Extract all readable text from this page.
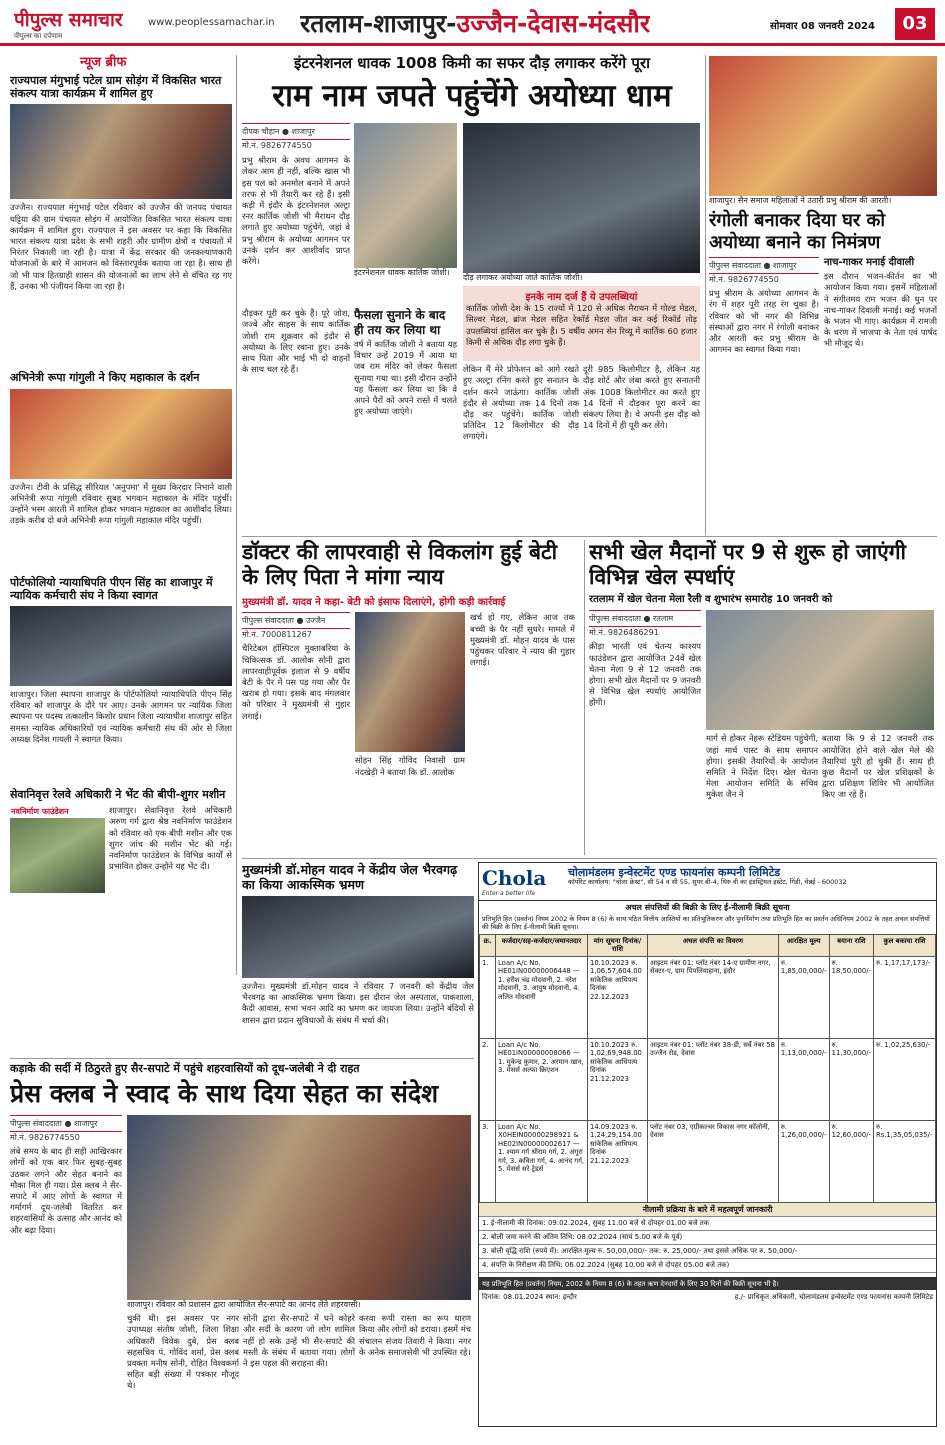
पीपुल्स समाचार
पीपुल्स का दर्पणाम
www.peoplessamachar.in रतलाम-शाजापुर-उज्जैन-देवास-मंदसौर	सोमवार 08 जनवरी 2024	03
न्यूज ब्रीफ
राज्यपाल मंगुभाई पटेल ग्राम सोड़ंग में विकसित भारत संकल्प यात्रा कार्यक्रम में शामिल हुए
उज्जैन। राज्यपाल मंगुभाई पटेल रविवार को उज्जैन की जनपद पंचायत घट्टिया की ग्राम पंचायत सोड़ंग में आयोजित विकसित भारत संकल्प यात्रा कार्यक्रम में शामिल हुए। राज्यपाल ने इस अवसर पर कहा कि विकसित भारत संकल्प यात्रा प्रदेश के सभी शहरी और ग्रामीण क्षेत्रों व पंचायतों में निरंतर निकाली जा रही है। यात्रा में केंद्र सरकार की जनकल्याणकारी योजनाओं के बारे में आमजन को विस्तारपूर्वक बताया जा रहा है। साथ ही जो भी पात्र हितग्राही शासन की योजनाओं का लाभ लेने से वंचित रह गए हैं, उनका भी पंजीयन किया जा रहा है।
अभिनेत्री रूपा गांगुली ने किए महाकाल के दर्शन
उज्जैन। टीवी के प्रसिद्ध सीरियल 'अनुपमा' में मुख्य किरदार निभाने वाली अभिनेत्री रूपा गांगुली रविवार सुबह भगवान महाकाल के मंदिर पहुंचीं। उन्होंने भस्म आरती में शामिल होकर भगवान महाकाल का आशीर्वाद लिया। तड़के करीब दो बजे अभिनेत्री रूपा गांगुली महाकाल मंदिर पहुंचीं।
पोर्टफोलियो न्यायाधिपति पीएन सिंह का शाजापुर में न्यायिक कर्मचारी संघ ने किया स्वागत
शाजापुर। जिला स्थापना शाजापुर के पोर्टफोलियो न्यायाधिपति पीएन सिंह रविवार को शाजापुर के दौरे पर आए। उनके आगमन पर न्यायिक जिला स्थापना पर पदस्थ तत्कालीन किशोर प्रधान जिला न्यायाधीश शाजापुर सहित समस्त न्यायिक अधिकारियों एवं न्यायिक कर्मचारी संघ की ओर से जिला अध्यक्ष दिनेश गायली ने स्वागत किया।
सेवानिवृत्त रेलवे अधिकारी ने भेंट की बीपी-शुगर मशीन
नवनिर्माण फाउंडेशन	शाजापुर। सेवानिवृत्त रेलवे अधिकारी अरुण गर्ग द्वारा श्रेष्ठ नवनिर्माण फाउंडेशन को रविवार को एक बीपी मशीन और एक शुगर जांच की मशीन भेंट की गई। नवनिर्माण फाउंडेशन के विभिन्न कार्यों से प्रभावित होकर उन्होंने यह भेंट दी।
इंटरनेशनल धावक 1008 किमी का सफर दौड़ लगाकर करेंगे पूरा
राम नाम जपते पहुंचेंगे अयोध्या धाम
दीपक चौहान ● शाजापुर
मो.नं. 9826774550
प्रभु श्रीराम के अवध आगमन के लेकर आम ही नहीं, बल्कि खास भी इस पल को अनमोल बनाने में अपने तरफ से भी तैयारी कर रहे हैं। इसी कड़ी में इंदौर के इंटरनेशनल अल्ट्रा रनर कार्तिक जोशी भी मैराथन दौड़ लगाते हुए अयोध्या पहुंचेंगे, जहां वे प्रभु श्रीराम के अयोध्या आगमन पर उनके दर्शन कर आशीर्वाद प्राप्त करेंगे।
इंटरनेशनल धावक कार्तिक जोशी।
दौड़कर पूरी कर चुके हैं। पूरे जोश, जज्बे और साहस के साथ कार्तिक जोशी राम शुक्रवार को इंदौर से अयोध्या के लिए रवाना हुए। उनके साथ पिता और भाई भी दो वाहनों के साथ चल रहे हैं।
फैसला सुनाने के बाद ही तय कर लिया था
वर्ष में कार्तिक जोशी ने बताया यह विचार उन्हें 2019 में आया था जब राम मंदिर को लेकर फैसला सुनाया गया था। इसी दौरान उन्होंने यह फैसला कर लिया था कि वे अपने पैरों को अपने रास्ते में चलते हुए अयोध्या जाएंगे।
दौड़ लगाकर अयोध्या जाते कार्तिक जोशी।
इनके नाम दर्ज हैं ये उपलब्धियां
कार्तिक जोशी देश के 15 राज्यों में 120 से अधिक मैराथन में गोल्ड मेडल, सिल्वर मेडल, ब्रांज मेडल सहित रेकॉर्ड मेडल जीत कर कई रिकॉर्ड तोड़ उपलब्धियां हासिल कर चुके हैं। 5 वर्षीय अमन सेन रिव्यू में कार्तिक 60 हजार किमी से अधिक दौड़ लगा चुके हैं।
लेकिन मैं मेरे प्रोफेशन को आगे रखते हुए अल्ट्रा रनिंग करते हुए सनातन के दर्शन करने जाऊंगा। कार्तिक जोशी इंदौर से अयोध्या तक 14 दिनों तक दौड़ कर पहुंचेंगे। कार्तिक जोशी प्रतिदिन 12 किलोमीटर की दौड़ लगाएंगे।
दूरी 985 किलोमीटर है, लेकिन यह दौड़ शोर्ट और लंबा करते हुए सनातनी अंक 1008 किलोमीटर का करते हुए 14 दिनों में दौड़कर पूरा करने का संकल्प लिया है। वे अपनी इस दौड़ को 14 दिनों में ही पूरी कर लेंगे।
शाजापुर। सैन समाज महिलाओं ने उतारी प्रभु श्रीराम की आरती।
रंगोली बनाकर दिया घर को अयोध्या बनाने का निमंत्रण
पीपुल्स संवाददाता ● शाजापुर
मो.नं. 9826774550
प्रभु श्रीराम के अयोध्या आगमन के रंग में शहर पूरी तरह रंग चुका है। रविवार को भी नगर की विभिन्न संस्थाओं द्वारा नगर में रंगोली बनाकर और आरती कर प्रभु श्रीराम के आगमन का स्वागत किया गया।
नाच-गाकर मनाई दीवाली
इस दौरान भजन-कीर्तन का भी आयोजन किया गया। इसमें महिलाओं ने संगीतमय राम भजन की धुन पर नाच-गाकर दिवाली मनाई। कई भजनों के भजन भी गाए। कार्यक्रम में रामजी के चरण में भाजपा के नेता एवं पार्षद भी मौजूद थे।
डॉक्टर की लापरवाही से विकलांग हुई बेटी के लिए पिता ने मांगा न्याय
मुख्यमंत्री डॉ. यादव ने कहा- बेटी को इंसाफ दिलाएंगे, होगी कड़ी कार्रवाई
पीपुल्स संवाददाता ● उज्जैन
मो.नं. 7000811267
चैरिटेबल हॉस्पिटल मुक्ताबरिया के चिकित्सक डॉ. आलोक सोनी द्वारा लापरवाहीपूर्वक इलाज से 9 वर्षीय बेटी के पैर में पस पड़ गया और पैर खराब हो गया। इसके बाद मंगलवार को परिवार ने मुख्यमंत्री से गुहार लगाई।
सोहन सिंह गोविंद निवासी ग्राम नंदखेड़ी ने बताया कि डॉ. आलोक
खर्च हो गए, लेकिन आज तक बच्ची के पैर नहीं सुधरे। मामले में मुख्यमंत्री डॉ. मोहन यादव के पास पहुंचकर परिवार ने न्याय की गुहार लगाई।
सभी खेल मैदानों पर 9 से शुरू हो जाएंगी विभिन्न खेल स्पर्धाएं
रतलाम में खेल चेतना मेला रैली व शुभारंभ समारोह 10 जनवरी को
पीपुल्स संवाददाता ● रतलाम
मो.नं. 9826486291
क्रीड़ा भारती एवं चेतन्य काश्यप फाउंडेशन द्वारा आयोजित 24वें खेल चेतना मेला 9 से 12 जनवरी तक होगा। सभी खेल मैदानों पर 9 जनवरी से विभिन्न खेल स्पर्धाएं आयोजित होंगी।
मार्ग से होकर नेहरू स्टेडियम पहुंचेगी, जहां मार्च पास्ट के साथ समापन होगा। इसकी तैयारियों के आयोजन समिति ने निर्देश दिए। खेल चेतना मेला आयोजन समिति के सचिव मुकेश जैन ने
बताया कि 9 से 12 जनवरी तक आयोजित होने वाले खेल मेले की तैयारियां पूरी हो चुकी हैं। साथ ही कुछ मैदानों पर खेल प्रशिक्षकों के द्वारा प्रशिक्षण शिविर भी आयोजित किए जा रहे हैं।
मुख्यमंत्री डॉ.मोहन यादव ने केंद्रीय जेल भैरवगढ़ का किया आकस्मिक भ्रमण
उज्जैन। मुख्यमंत्री डॉ.मोहन यादव ने रविवार 7 जनवरी को केंद्रीय जेल भैरवगढ़ का आकस्मिक भ्रमण किया। इस दौरान जेल अस्पताल, पाकशाला, कैदी आवास, सभा भवन आदि का भ्रमण कर जायजा लिया। उन्होंने बंदियों से शासन द्वारा प्रदान सुविधाओं के संबंध में चर्चा की।
Chola
Enter a better life
चोलामंडलम इन्वेस्टमेंट एण्ड फायनांस कम्पनी लिमिटेड
कॉर्पोरेट कार्यालय: "चोला क्रेस्ट", सी 54 व सी 55, सुपर बी-4, थिरु वी का इंडस्ट्रियल इस्टेट, गिंडी, चेन्नई - 600032
अचल संपत्तियों की बिक्री के लिए ई-नीलामी बिक्री सूचना
प्रतिभूति हित (प्रवर्तन) नियम 2002 के नियम 8 (6) के साथ पठित वित्तीय आस्तियों का प्रतिभूतिकरण और पुनर्निर्माण तथा प्रतिभूति हित का प्रवर्तन अधिनियम 2002 के तहत अचल संपत्तियों की बिक्री के लिए ई-नीलामी बिक्री सूचना।
क्र.	कर्जदार/सह-कर्जदार/जमानतदार	मांग सूचना दिनांक/राशि	अचल संपत्ति का विवरण	आरक्षित मूल्य	बयाना राशि	कुल बकाया राशि
1.	Loan A/c No. HE01IN00000006448 — 1. हरीश चंद्र मोदवानी, 2. नरेश मोदवानी, 3. आयुष मोदवानी, 4. ललित मोदवानी	10.10.2023 रु. 1,06,57,604.00 सांकेतिक आधिपत्य दिनांक 22.12.2023	आइटम नंबर 01: प्लॉट नंबर 14-ए ग्रामीण नगर, सेक्टर-ए, ग्राम पिपलियाहाना, इंदौर	रु. 1,85,00,000/-	रु. 18,50,000/-	रु. 1,17,17,173/-
2.	Loan A/c No. HE01IN00000008066 — 1. मुकेन्द्र कुमार, 2. अरमान खान, 3. मेसर्स अल्फा क्रिएशन	10.10.2023 रु. 1,02,69,948.00 सांकेतिक आधिपत्य दिनांक 21.12.2023	आइटम नंबर 01: प्लॉट नंबर 38-डी, सर्वे नंबर 58 उज्जैन रोड, देवास	रु. 1,13,00,000/-	रु. 11,30,000/-	रु. 1,02,25,630/-
3.	Loan A/c No. X0HEIN00000298921 & HE02IN00000002617 — 1. श्याम गर्ग श्रीराम गर्ग, 2. अंगूरा गर्ग, 3. कविता गर्ग, 4. आनंद गर्ग, 5. मेसर्स सरे ट्रेडर्स	14.09.2023 रु. 1,24,29,154.00 सांकेतिक आधिपत्य दिनांक 21.12.2023	प्लॉट नंबर 03, एग्रीकल्चर विकास नगर कॉलोनी, देवास	रु. 1,26,00,000/-	रु. 12,60,000/-	रु. Rs.1,35,05,035/-
नीलामी प्रक्रिया के बारे में महत्वपूर्ण जानकारी
1. ई-नीलामी की दिनांक: 09.02.2024, सुबह 11.00 बजे से दोपहर 01.00 बजे तक
2. बोली जमा करने की अंतिम तिथि: 08.02.2024 (सायं 5.00 बजे के पूर्व)
3. बोली वृद्धि राशि (रुपये में): आरक्षित मूल्य रु. 50,00,000/- तक: रु. 25,000/- तथा इससे अधिक पर रु. 50,000/-
4. संपत्ति के निरीक्षण की तिथि: 06.02.2024 (सुबह 10.00 बजे से दोपहर 05.00 बजे तक)
यह प्रतिभूति हित (प्रवर्तन) नियम, 2002 के नियम 8 (6) के तहत ऋण देनदारों के लिए 30 दिनों की बिक्री सूचना भी है।
दिनांक: 08.01.2024 स्थान: इन्दौर	ह./- प्राधिकृत अधिकारी, चोलामंडलम इन्वेस्टमेंट एण्ड फायनांस कम्पनी लिमिटेड
कड़ाके की सर्दी में ठिठुरते हुए सैर-सपाटे में पहुंचे शहरवासियों को दूध-जलेबी ने दी राहत
प्रेस क्लब ने स्वाद के साथ दिया सेहत का संदेश
पीपुल्स संवाददाता ● शाजापुर
मो.नं. 9826774550
लंबे समय के बाद ही सही आखिरकार लोगों को एक बार फिर सुबह-सुबह उठकर लगने और सेहत बनाने का मौका मिल ही गया। प्रेस क्लब ने सैर-सपाटे में आए लोगों के स्वागत में गर्मागर्म दूध-जलेबी वितरित कर शहरवासियों के उत्साह और आनंद को और बढ़ा दिया।
शाजापुर। रविवार को प्रशासन द्वारा आयोजित सैर-सपाटे का आनंद लेते शहरवासी।
चुकी थी। इस अवसर पर नगर उपाध्यक्ष संतोष जोशी, जिला शिक्षा अधिकारी विवेक दुबे, प्रेस क्लब सहसचिव पं. गोविंद शर्मा, प्रेस क्लब प्रवक्ता मनीष सोनी, रोहित विश्वकर्मा सहित बड़ी संख्या में पत्रकार मौजूद थे।
सोनी द्वारा सैर-सपाटे में घने कोहरे और सर्दी के कारण जो लोग शामिल नहीं हो सके उन्हें भी सैर-सपाटे की मस्ती के संबंध में बताया गया। लोगों ने इस पहल की सराहना की।
करवा रूपी रास्ता का रूप धारण किया और लोगों को डराया। इसमें मंच संचालन संजय तिवारी ने किया। नगर के अनेक समाजसेवी भी उपस्थित रहे।
